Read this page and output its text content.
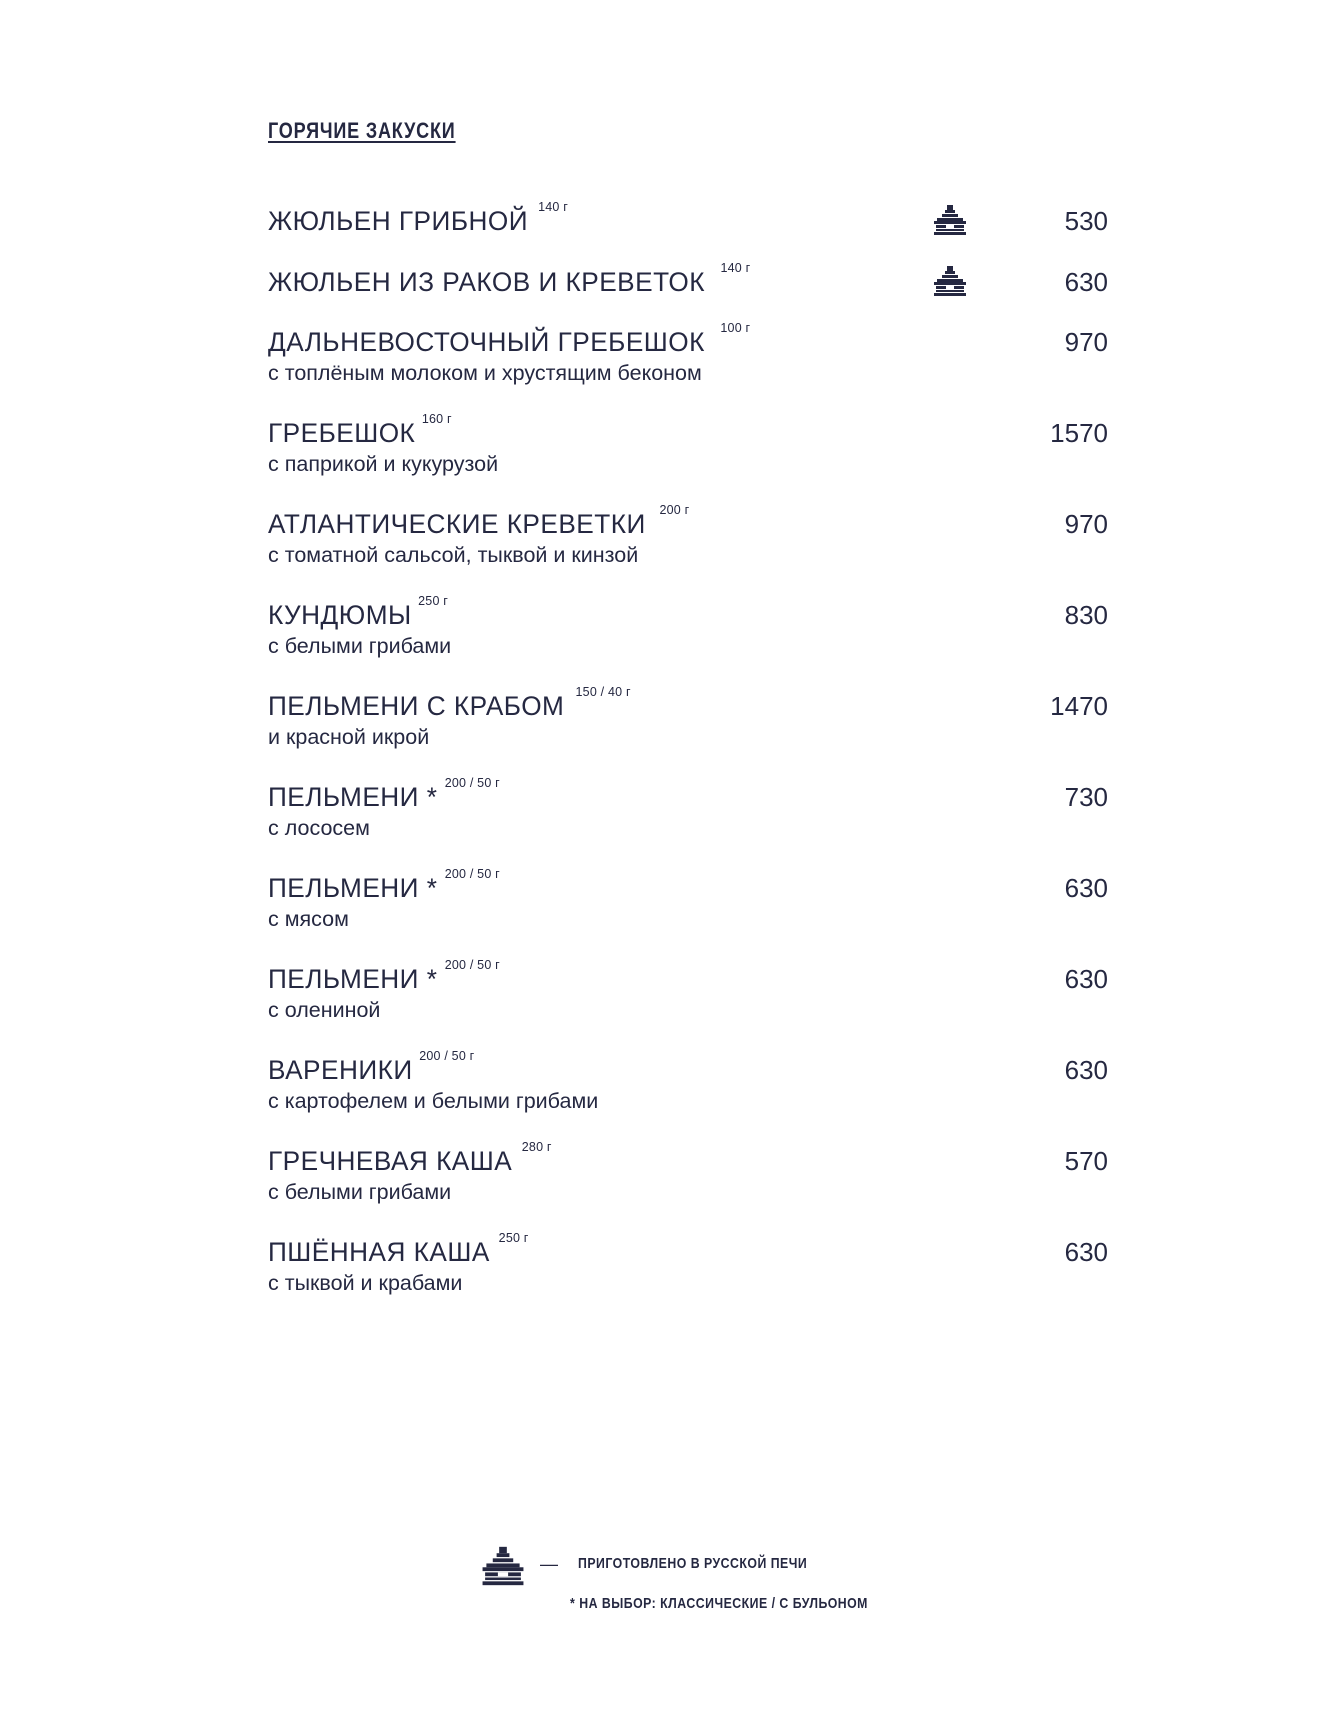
ГОРЯЧИЕ ЗАКУСКИ
ЖЮЛЬЕН ГРИБНОЙ $^{140 г}$	530
ЖЮЛЬЕН ИЗ РАКОВ И КРЕВЕТОК $^{140 г}$	630
ДАЛЬНЕВОСТОЧНЫЙ ГРЕБЕШОК $^{100 г}$	970
с топлёным молоком и хрустящим беконом
ГРЕБЕШОК $^{160 г}$	1570
с паприкой и кукурузой
АТЛАНТИЧЕСКИЕ КРЕВЕТКИ $^{200 г}$	970
с томатной сальсой, тыквой и кинзой
КУНДЮМЫ $^{250 г}$	830
с белыми грибами
ПЕЛЬМЕНИ С КРАБОМ $^{150 / 40 г}$	1470
и красной икрой
ПЕЛЬМЕНИ * $^{200 / 50 г}$	730
с лососем
ПЕЛЬМЕНИ * $^{200 / 50 г}$	630
с мясом
ПЕЛЬМЕНИ * $^{200 / 50 г}$	630
с олениной
ВАРЕНИКИ $^{200 / 50 г}$	630
с картофелем и белыми грибами
ГРЕЧНЕВАЯ КАША $^{280 г}$	570
с белыми грибами
ПШЁННАЯ КАША $^{250 г}$	630
с тыквой и крабами
— ПРИГОТОВЛЕНО В РУССКОЙ ПЕЧИ
* НА ВЫБОР: КЛАССИЧЕСКИЕ / С БУЛЬОНОМ
